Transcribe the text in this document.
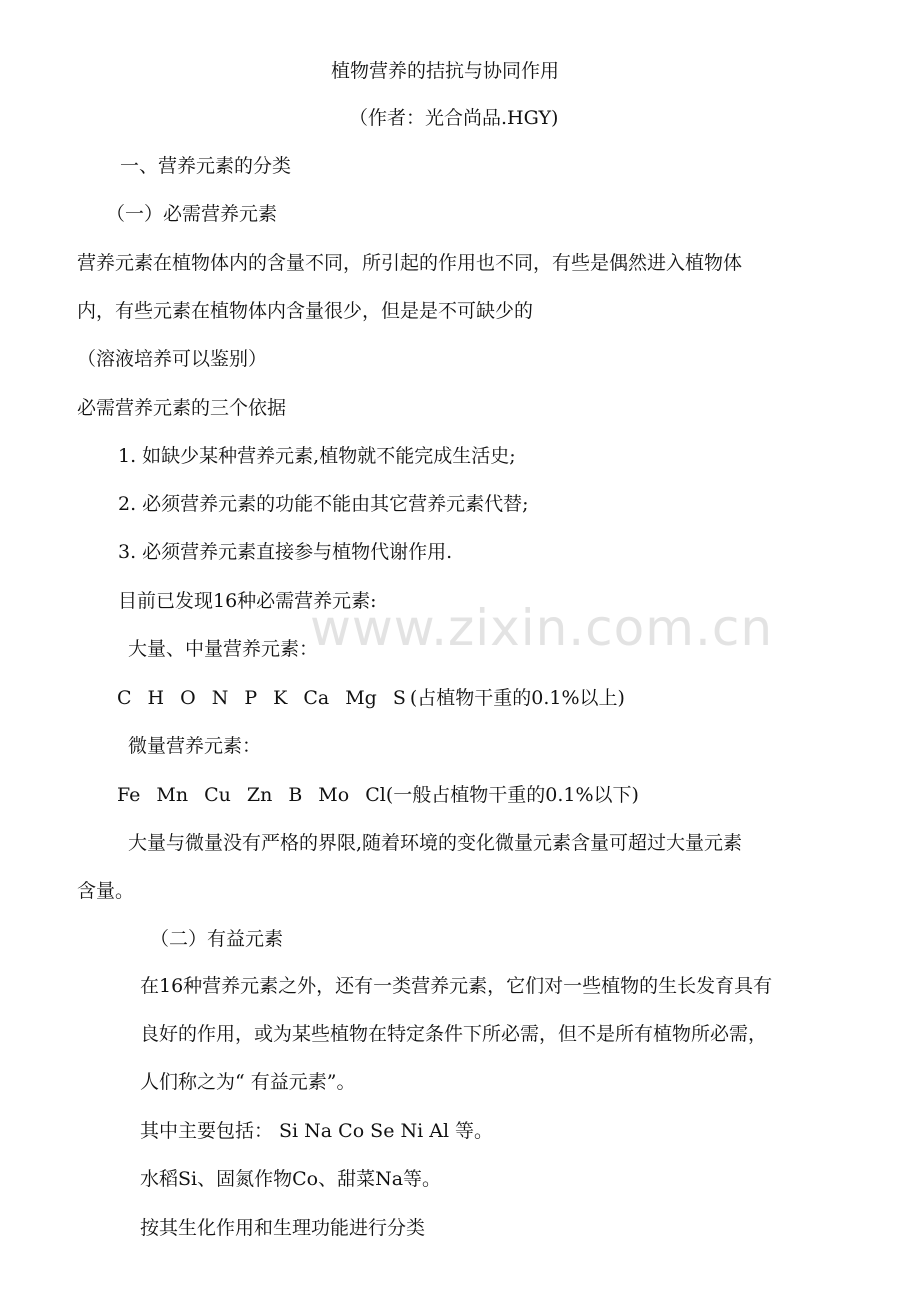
www.zixin.com.cn
植物营养的拮抗与协同作用
（作者：光合尚品.HGY)
一、营养元素的分类
（一）必需营养元素
营养元素在植物体内的含量不同，所引起的作用也不同，有些是偶然进入植物体
内，有些元素在植物体内含量很少，但是是不可缺少的
（溶液培养可以鉴别）
必需营养元素的三个依据
1. 如缺少某种营养元素,植物就不能完成生活史;
2. 必须营养元素的功能不能由其它营养元素代替;
3. 必须营养元素直接参与植物代谢作用.
目前已发现16种必需营养元素:
大量、中量营养元素：
C H O N P K Ca Mg S (占植物干重的0.1%以上)
微量营养元素：
Fe Mn Cu Zn B Mo Cl(一般占植物干重的0.1%以下)
大量与微量没有严格的界限,随着环境的变化微量元素含量可超过大量元素
含量。
（二）有益元素
在16种营养元素之外，还有一类营养元素，它们对一些植物的生长发育具有
良好的作用，或为某些植物在特定条件下所必需，但不是所有植物所必需，
人们称之为“ 有益元素”。
其中主要包括： Si Na Co Se Ni Al 等。
水稻Si、固氮作物Co、甜菜Na等。
按其生化作用和生理功能进行分类
